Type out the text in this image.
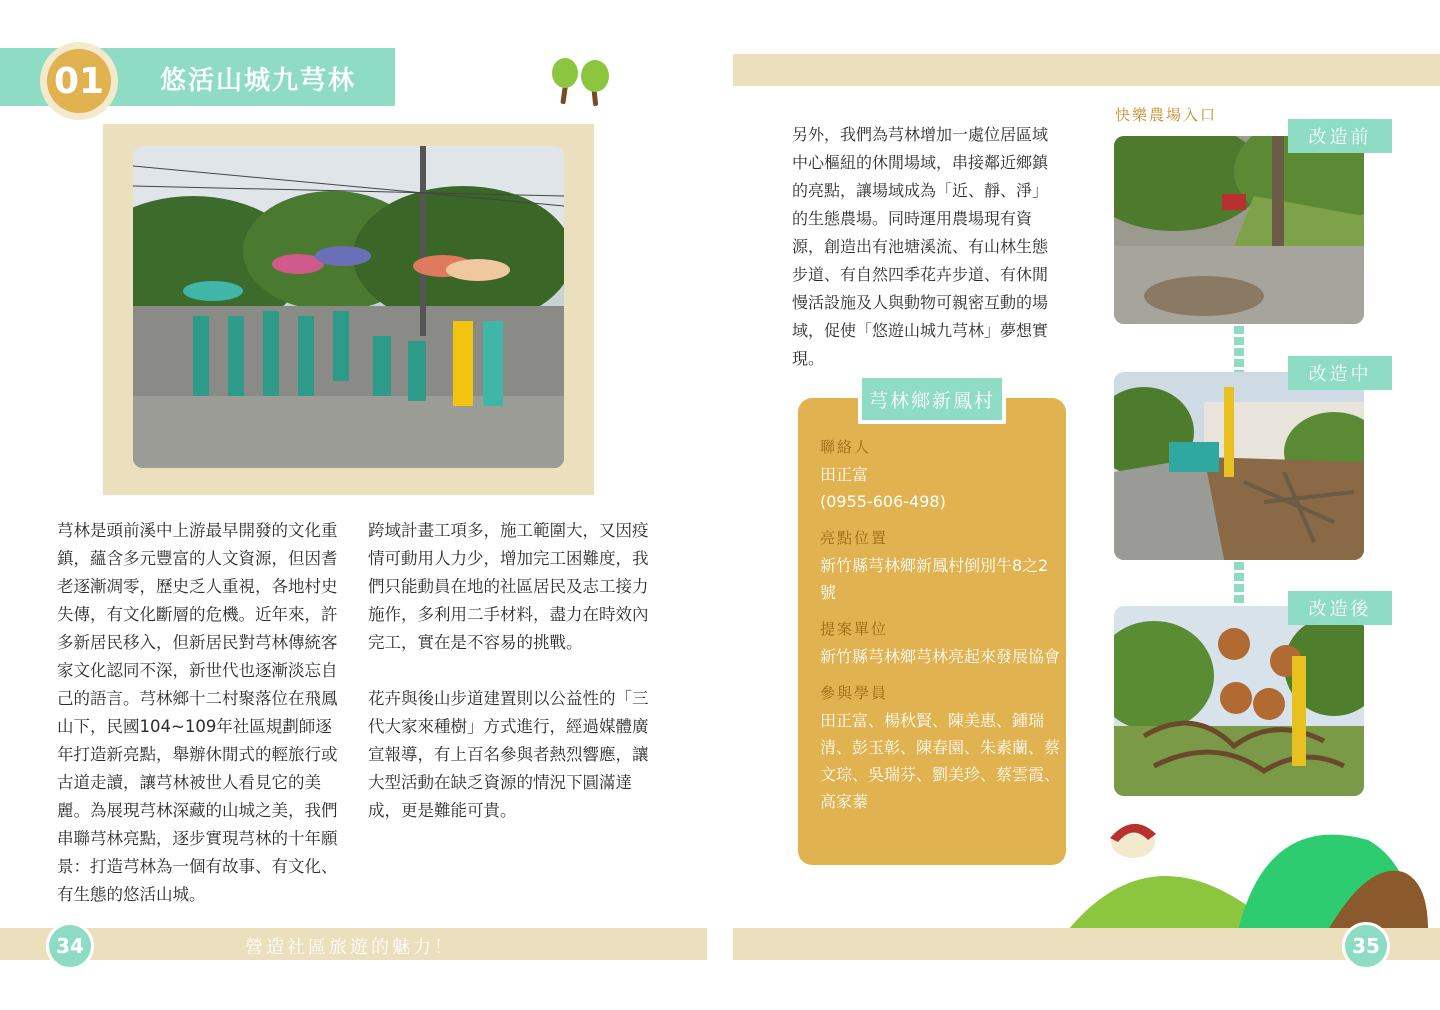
01 悠活山城九芎林
芎林是頭前溪中上游最早開發的文化重鎮，蘊含多元豐富的人文資源，但因耆老逐漸凋零，歷史乏人重視，各地村史失傳，有文化斷層的危機。近年來，許多新居民移入，但新居民對芎林傳統客家文化認同不深，新世代也逐漸淡忘自己的語言。芎林鄉十二村聚落位在飛鳳山下，民國104~109年社區規劃師逐年打造新亮點，舉辦休閒式的輕旅行或古道走讀，讓芎林被世人看見它的美麗。為展現芎林深藏的山城之美，我們串聯芎林亮點，逐步實現芎林的十年願景：打造芎林為一個有故事、有文化、有生態的悠活山城。

跨域計畫工項多，施工範圍大，又因疫情可動用人力少，增加完工困難度，我們只能動員在地的社區居民及志工接力施作，多利用二手材料，盡力在時效內完工，實在是不容易的挑戰。

花卉與後山步道建置則以公益性的「三代大家來種樹」方式進行，經過媒體廣宣報導，有上百名參與者熱烈響應，讓大型活動在缺乏資源的情況下圓滿達成，更是難能可貴。

34	營造社區旅遊的魅力！
另外，我們為芎林增加一處位居區域中心樞紐的休閒場域，串接鄰近鄉鎮的亮點，讓場域成為「近、靜、淨」的生態農場。同時運用農場現有資源，創造出有池塘溪流、有山林生態步道、有自然四季花卉步道、有休閒慢活設施及人與動物可親密互動的場域，促使「悠遊山城九芎林」夢想實現。
芎林鄉新鳳村
聯絡人
田正富
(0955-606-498)
亮點位置
新竹縣芎林鄉新鳳村倒別牛8之2號
提案單位
新竹縣芎林鄉芎林亮起來發展協會
參與學員
田正富、楊秋賢、陳美惠、鍾瑞清、彭玉彰、陳春園、朱素蘭、蔡文琮、吳瑞芬、劉美珍、蔡雲霞、高家蓁
快樂農場入口
改造前
改造中
改造後
35
